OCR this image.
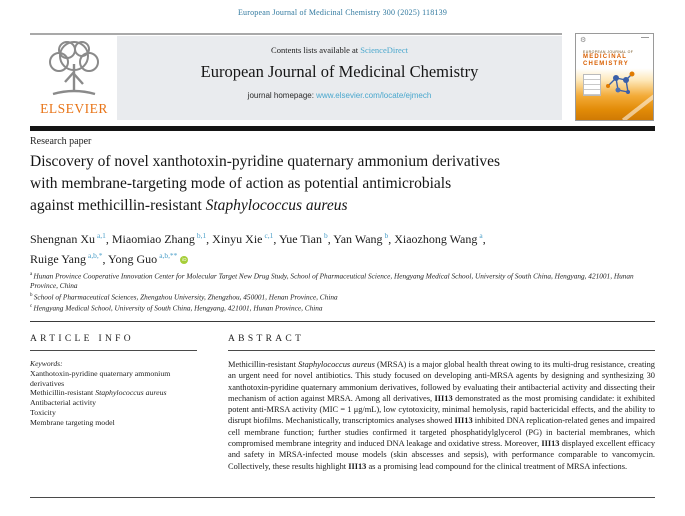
European Journal of Medicinal Chemistry 300 (2025) 118139
ELSEVIER
Contents lists available at ScienceDirect
European Journal of Medicinal Chemistry
journal homepage: www.elsevier.com/locate/ejmech
⚙
EUROPEAN JOURNAL OF
MEDICINAL
CHEMISTRY
Research paper
Discovery of novel xanthotoxin-pyridine quaternary ammonium derivatives
with membrane-targeting mode of action as potential antimicrobials
against methicillin-resistant Staphylococcus aureus
Shengnan Xu $^{a,1}$, Miaomiao Zhang $^{b,1}$, Xinyu Xie $^{c,1}$, Yue Tian $^b$, Yan Wang $^b$, Xiaozhong Wang $^a$,
Ruige Yang $^{a,b,*}$, Yong Guo $^{a,b,**}$ iD
$^a$ Hunan Province Cooperative Innovation Center for Molecular Target New Drug Study, School of Pharmaceutical Science, Hengyang Medical School, University of South China, Hengyang, 421001, Hunan Province, China
$^b$ School of Pharmaceutical Sciences, Zhengzhou University, Zhengzhou, 450001, Henan Province, China
$^c$ Hengyang Medical School, University of South China, Hengyang, 421001, Hunan Province, China
ARTICLE INFO
Keywords:
Xanthotoxin-pyridine quaternary ammonium derivatives
Methicillin-resistant Staphylococcus aureus
Antibacterial activity
Toxicity
Membrane targeting model
ABSTRACT
Methicillin-resistant Staphylococcus aureus (MRSA) is a major global health threat owing to its multi-drug resistance, creating an urgent need for novel antibiotics. This study focused on developing anti-MRSA agents by designing and synthesizing 30 xanthotoxin-pyridine quaternary ammonium derivatives, followed by evaluating their antibacterial activity and dissecting their mechanism of action against MRSA. Among all derivatives, III13 demonstrated as the most promising candidate: it exhibited potent anti-MRSA activity (MIC = 1 μg/mL), low cytotoxicity, minimal hemolysis, rapid bactericidal effects, and the ability to disrupt biofilms. Mechanistically, transcriptomics analyses showed III13 inhibited DNA replication-related genes and impaired cell membrane function; further studies confirmed it targeted phosphatidylglycerol (PG) in bacterial membranes, which compromised membrane integrity and induced DNA leakage and oxidative stress. Moreover, III13 displayed excellent efficacy and safety in MRSA-infected mouse models (skin abscesses and sepsis), with performance comparable to vancomycin. Collectively, these results highlight III13 as a promising lead compound for the clinical treatment of MRSA infections.
